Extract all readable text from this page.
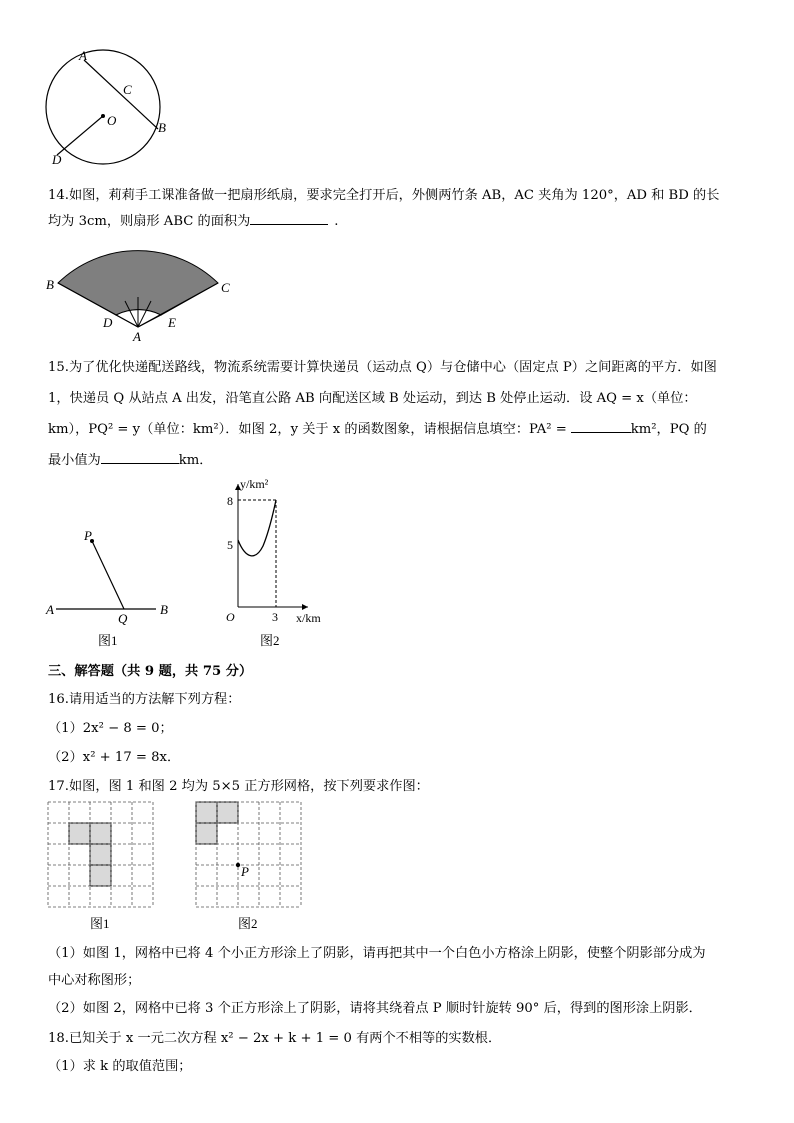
A
C
O	B
D
14.如图，莉莉手工课准备做一把扇形纸扇，要求完全打开后，外侧两竹条 AB，AC 夹角为 120°，AD 和 BD 的长
均为 3cm，则扇形 ABC 的面积为	.
B	C
D	E
A
15.为了优化快递配送路线，物流系统需要计算快递员（运动点 Q）与仓储中心（固定点 P）之间距离的平方．如图
1，快递员 Q 从站点 A 出发，沿笔直公路 AB 向配送区域 B 处运动，到达 B 处停止运动．设 AQ = x（单位：
km），PQ² = y（单位：km²）．如图 2，y 关于 x 的函数图象，请根据信息填空：PA² =	km²，PQ 的
最小值为	km．
P
A
Q
B
图1
y/km²
8
5
O	3 x/km
图2
三、解答题（共 9 题，共 75 分）
16.请用适当的方法解下列方程：
（1）2x² − 8 = 0；
（2）x² + 17 = 8x．
17.如图，图 1 和图 2 均为 5×5 正方形网格，按下列要求作图：
图1
P
图2
（1）如图 1，网格中已将 4 个小正方形涂上了阴影，请再把其中一个白色小方格涂上阴影，使整个阴影部分成为
中心对称图形；
（2）如图 2，网格中已将 3 个正方形涂上了阴影，请将其绕着点 P 顺时针旋转 90° 后，得到的图形涂上阴影．
18.已知关于 x 一元二次方程 x² − 2x + k + 1 = 0 有两个不相等的实数根．
（1）求 k 的取值范围；
